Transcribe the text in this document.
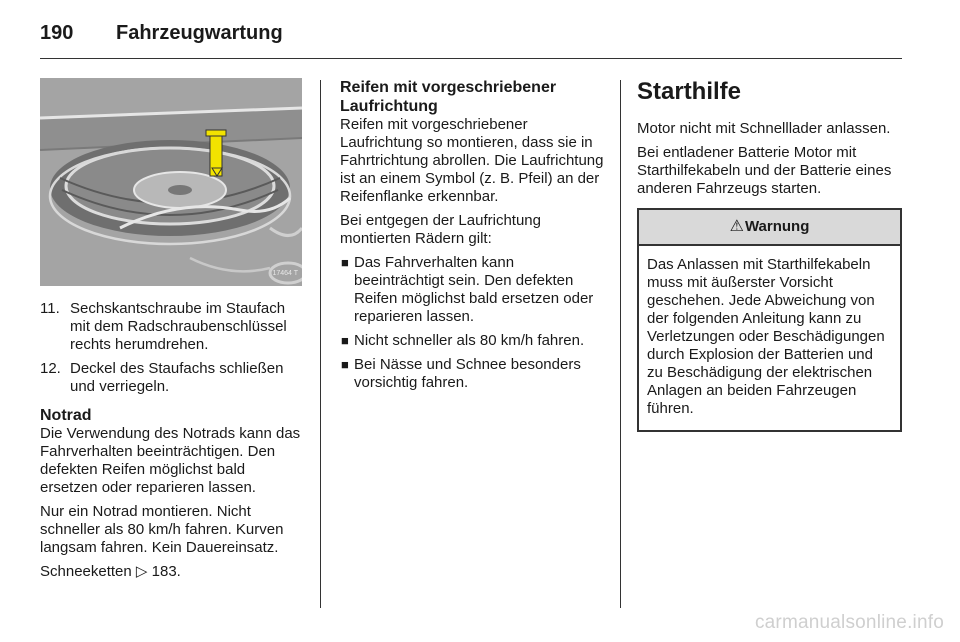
190	Fahrzeugwartung
17464 T
11. Sechskantschraube im Staufach mit dem Radschraubenschlüssel rechts herumdrehen.
12. Deckel des Staufachs schließen und verriegeln.
Notrad

Die Verwendung des Notrads kann das Fahrverhalten beeinträchtigen. Den defekten Reifen möglichst bald ersetzen oder reparieren lassen.

Nur ein Notrad montieren. Nicht schneller als 80 km/h fahren. Kurven langsam fahren. Kein Dauereinsatz.

Schneeketten ▷ 183.

Reifen mit vorgeschriebener Laufrichtung

Reifen mit vorgeschriebener Laufrichtung so montieren, dass sie in Fahrtrichtung abrollen. Die Laufrichtung ist an einem Symbol (z. B. Pfeil) an der Reifenflanke erkennbar.

Bei entgegen der Laufrichtung montierten Rädern gilt:

■ Das Fahrverhalten kann beeinträchtigt sein. Den defekten Reifen möglichst bald ersetzen oder reparieren lassen.
■ Nicht schneller als 80 km/h fahren.
■ Bei Nässe und Schnee besonders vorsichtig fahren.
Starthilfe

Motor nicht mit Schnelllader anlassen.

Bei entladener Batterie Motor mit Starthilfekabeln und der Batterie eines anderen Fahrzeugs starten.

⚠ Warnung
Das Anlassen mit Starthilfekabeln muss mit äußerster Vorsicht geschehen. Jede Abweichung von der folgenden Anleitung kann zu Verletzungen oder Beschädigungen durch Explosion der Batterien und zu Beschädigung der elektrischen Anlagen an beiden Fahrzeugen führen.
carmanualsonline.info
